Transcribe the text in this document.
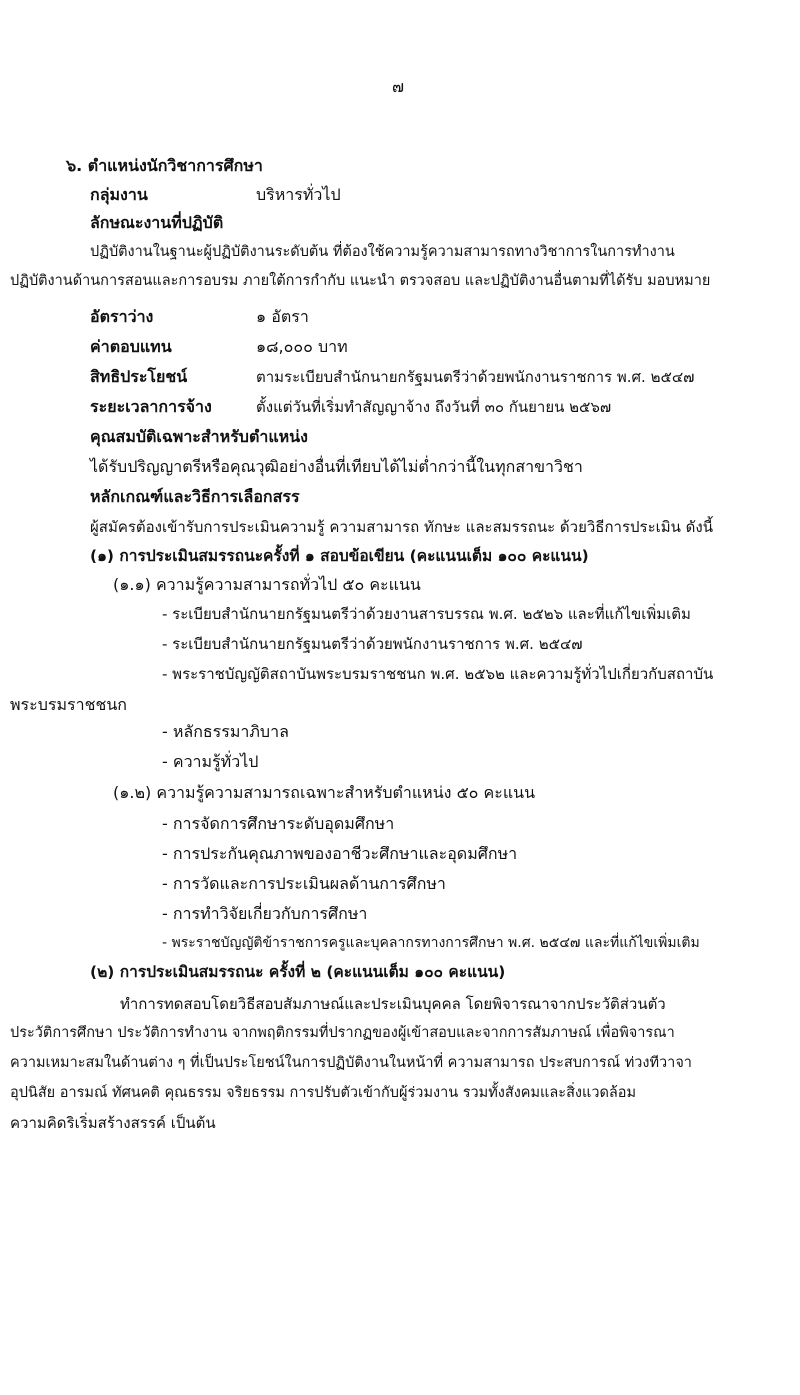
๗
๖. ตำแหน่งนักวิชาการศึกษา
กลุ่มงาน	บริหารทั่วไป
ลักษณะงานที่ปฏิบัติ
ปฏิบัติงานในฐานะผู้ปฏิบัติงานระดับต้น ที่ต้องใช้ความรู้ความสามารถทางวิชาการในการทำงาน
ปฏิบัติงานด้านการสอนและการอบรม ภายใต้การกำกับ แนะนำ ตรวจสอบ และปฏิบัติงานอื่นตามที่ได้รับ มอบหมาย
อัตราว่าง	๑ อัตรา
ค่าตอบแทน	๑๘,๐๐๐ บาท
สิทธิประโยชน์	ตามระเบียบสำนักนายกรัฐมนตรีว่าด้วยพนักงานราชการ พ.ศ. ๒๕๔๗
ระยะเวลาการจ้าง	ตั้งแต่วันที่เริ่มทำสัญญาจ้าง ถึงวันที่ ๓๐ กันยายน ๒๕๖๗
คุณสมบัติเฉพาะสำหรับตำแหน่ง
ได้รับปริญญาตรีหรือคุณวุฒิอย่างอื่นที่เทียบได้ไม่ต่ำกว่านี้ในทุกสาขาวิชา
หลักเกณฑ์และวิธีการเลือกสรร
ผู้สมัครต้องเข้ารับการประเมินความรู้ ความสามารถ ทักษะ และสมรรถนะ ด้วยวิธีการประเมิน ดังนี้
(๑) การประเมินสมรรถนะครั้งที่ ๑ สอบข้อเขียน (คะแนนเต็ม ๑๐๐ คะแนน)
(๑.๑) ความรู้ความสามารถทั่วไป ๕๐ คะแนน
- ระเบียบสำนักนายกรัฐมนตรีว่าด้วยงานสารบรรณ พ.ศ. ๒๕๒๖ และที่แก้ไขเพิ่มเติม
- ระเบียบสำนักนายกรัฐมนตรีว่าด้วยพนักงานราชการ พ.ศ. ๒๕๔๗
- พระราชบัญญัติสถาบันพระบรมราชชนก พ.ศ. ๒๕๖๒ และความรู้ทั่วไปเกี่ยวกับสถาบัน
พระบรมราชชนก
- หลักธรรมาภิบาล
- ความรู้ทั่วไป
(๑.๒) ความรู้ความสามารถเฉพาะสำหรับตำแหน่ง ๕๐ คะแนน
- การจัดการศึกษาระดับอุดมศึกษา
- การประกันคุณภาพของอาชีวะศึกษาและอุดมศึกษา
- การวัดและการประเมินผลด้านการศึกษา
- การทำวิจัยเกี่ยวกับการศึกษา
- พระราชบัญญัติข้าราชการครูและบุคลากรทางการศึกษา พ.ศ. ๒๕๔๗ และที่แก้ไขเพิ่มเติม
(๒) การประเมินสมรรถนะ ครั้งที่ ๒ (คะแนนเต็ม ๑๐๐ คะแนน)
ทำการทดสอบโดยวิธีสอบสัมภาษณ์และประเมินบุคคล โดยพิจารณาจากประวัติส่วนตัว
ประวัติการศึกษา ประวัติการทำงาน จากพฤติกรรมที่ปรากฏของผู้เข้าสอบและจากการสัมภาษณ์ เพื่อพิจารณา
ความเหมาะสมในด้านต่าง ๆ ที่เป็นประโยชน์ในการปฏิบัติงานในหน้าที่ ความสามารถ ประสบการณ์ ท่วงทีวาจา
อุปนิสัย อารมณ์ ทัศนคติ คุณธรรม จริยธรรม การปรับตัวเข้ากับผู้ร่วมงาน รวมทั้งสังคมและสิ่งแวดล้อม
ความคิดริเริ่มสร้างสรรค์ เป็นต้น
